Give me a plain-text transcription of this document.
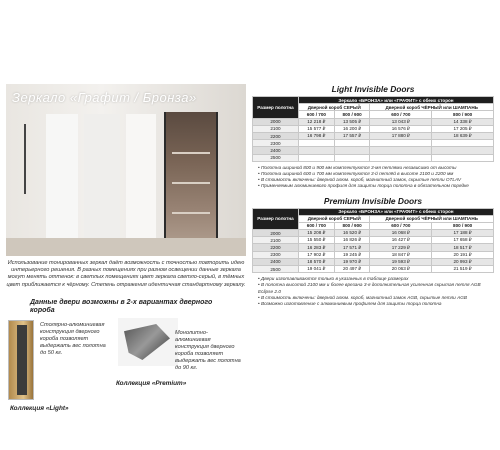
Зеркало «Графит / Бронза»

Использование тонированных зеркал даёт возможность с точностью повторить идею интерьерного решения. В разных помещениях при разном освещении данные зеркала могут менять оттенок: в светлых помещениях цвет зеркала светло-серый, в тёмных цвет приближается к чёрному. Степень отражения идентичная стандартному зеркалу.

Данные двери возможны в 2-х вариантах дверного короба

Столярно-алюминиевая конструкция дверного короба позволяет выдержать вес полотна до 50 кг.

Коллекция «Light»
Коллекция «Premium»

Монолитно-алюминиевая конструкция дверного короба позволяет выдержать вес полотна до 90 кг.

Light Invisible Doors
Размер полотна	Зеркало «БРОНЗА» или «ГРАФИТ» с обеих сторон			
	Дверной короб СЕРЫЙ		Дверной короб ЧЁРНЫЙ или ШАМПАНЬ	
	600 / 700	800 / 900	600 / 700	800 / 900
2000	12 218 ₽	13 505 ₽	13 043 ₽	14 338 ₽
2100	15 577 ₽	16 200 ₽	16 576 ₽	17 205 ₽
2200	16 798 ₽	17 557 ₽	17 880 ₽	18 639 ₽
2300				
2400				
2500				
• Полотна шириной 800 и 900 мм комплектуются 3-мя петлями независимо от высоты
• Полотна шириной 600 и 700 мм комплектуются 3-й петлёй в высоте 2100 и 2200 мм
• В стоимость включены: дверной алюм. короб, магнитный замок, скрытые петли OTLAV
• Применяемым алюминиевого профиля для защиты торца полотна в обязательном порядке
Premium Invisible Doors
Размер полотна	Зеркало «БРОНЗА» или «ГРАФИТ» с обеих сторон			
	Дверной короб СЕРЫЙ		Дверной короб ЧЁРНЫЙ или ШАМПАНЬ	
	600 / 700	800 / 900	600 / 700	800 / 900
2000	15 208 ₽	16 520 ₽	16 068 ₽	17 188 ₽
2100	15 550 ₽	16 826 ₽	16 427 ₽	17 658 ₽
2200	16 283 ₽	17 571 ₽	17 229 ₽	18 517 ₽
2300	17 902 ₽	19 245 ₽	18 847 ₽	20 191 ₽
2400	18 570 ₽	19 970 ₽	19 593 ₽	20 993 ₽
2500	19 041 ₽	20 497 ₽	20 063 ₽	21 519 ₽
• Двери изготавливаются только в указанных в таблице размерах
• В полотна высотой 2100 мм и более врезана 3-я дополнительная усиленная скрытая петля AGB Eclipse 2.0
• В стоимость включены: дверной алюм. короб, магнитный замок AGB, скрытые петли AGB
• Возможно изготовление с алюминиевым профилем для защиты торца полотна
